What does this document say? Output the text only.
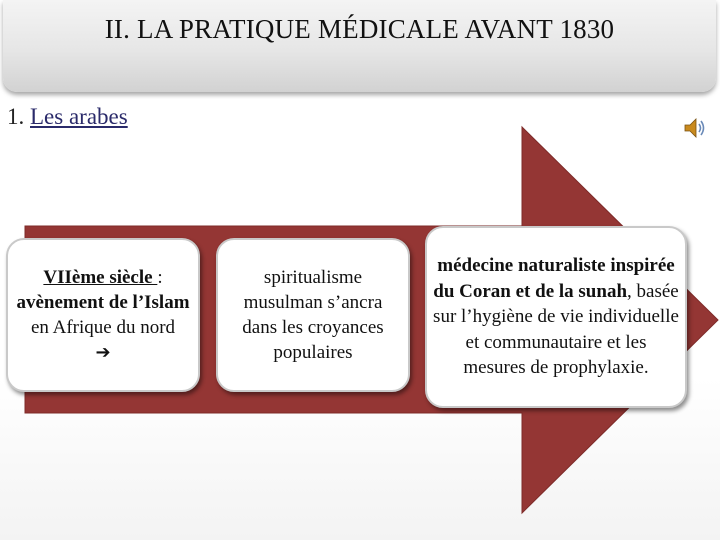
II. LA PRATIQUE MÉDICALE AVANT 1830
1. Les arabes
VIIème siècle :
avènement de l’Islam en Afrique du nord
➔
spiritualisme musulman s’ancra dans les croyances populaires
médecine naturaliste inspirée du Coran et de la sunah, basée sur l’hygiène de vie individuelle et communautaire et les mesures de prophylaxie.
